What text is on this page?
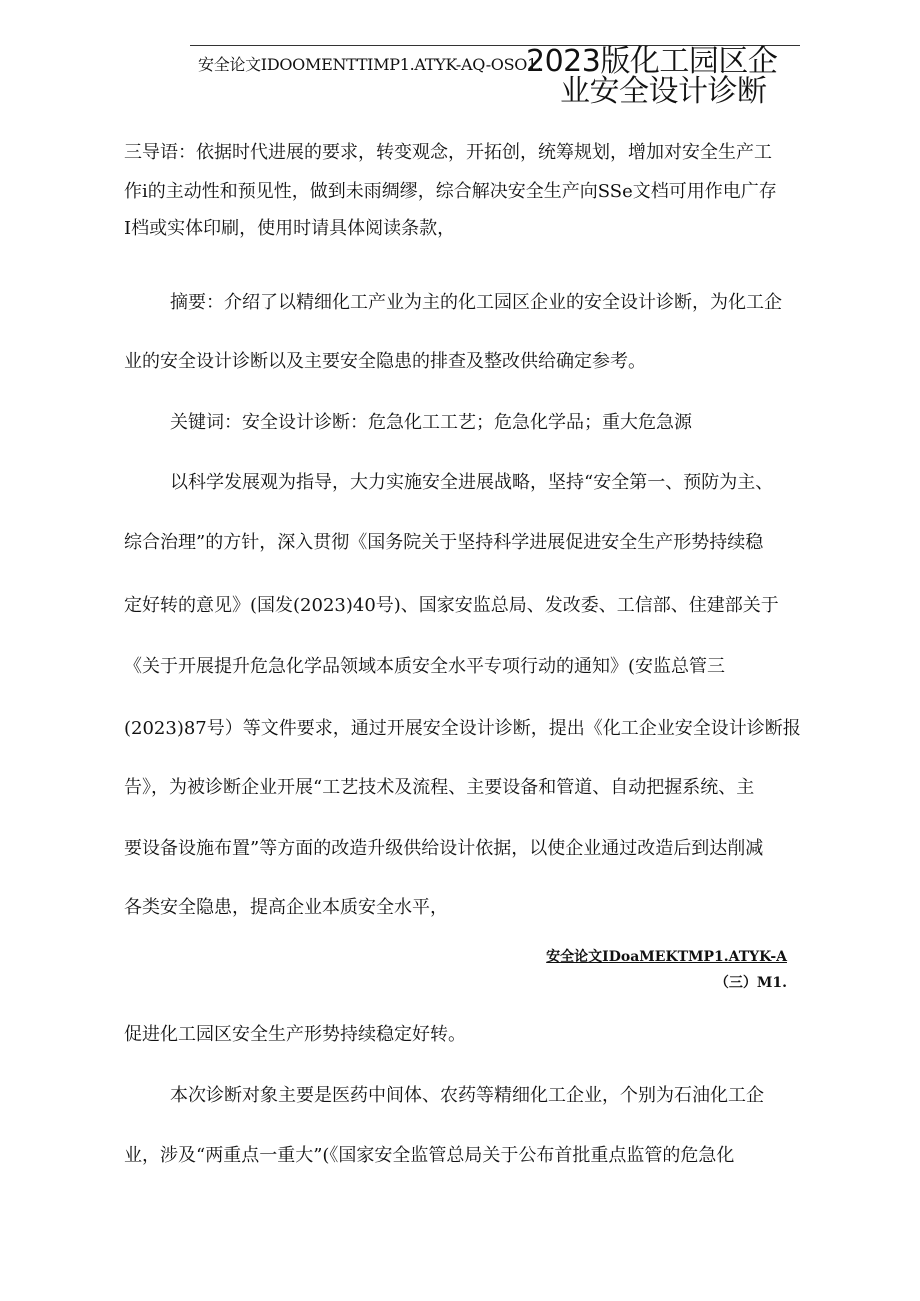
安全论文IDOOMENTTIMP1.ATYK-AQ-OSO1.
2023版化工园区企
业安全设计诊断
三导语：依据时代进展的要求，转变观念，开拓创，统筹规划，增加对安全生产工
作i的主动性和预见性，做到未雨绸缪，综合解决安全生产向SSe文档可用作电广存
I档或实体印刷，使用时请具体阅读条款，
摘要：介绍了以精细化工产业为主的化工园区企业的安全设计诊断，为化工企
业的安全设计诊断以及主要安全隐患的排查及整改供给确定参考。
关键词：安全设计诊断：危急化工工艺；危急化学品；重大危急源
以科学发展观为指导，大力实施安全进展战略，坚持“安全第一、预防为主、
综合治理”的方针，深入贯彻《国务院关于坚持科学进展促进安全生产形势持续稳
定好转的意见》(国发(2023)40号)、国家安监总局、发改委、工信部、住建部关于
《关于开展提升危急化学品领域本质安全水平专项行动的通知》(安监总管三
(2023)87号）等文件要求，通过开展安全设计诊断，提出《化工企业安全设计诊断报
告》，为被诊断企业开展“工艺技术及流程、主要设备和管道、自动把握系统、主
要设备设施布置”等方面的改造升级供给设计依据，以使企业通过改造后到达削减
各类安全隐患，提高企业本质安全水平，
安全论文IDoaMEKTMP1.ATYK-A
（三）M1.
促进化工园区安全生产形势持续稳定好转。
本次诊断对象主要是医药中间体、农药等精细化工企业，个别为石油化工企
业，涉及“两重点一重大”(《国家安全监管总局关于公布首批重点监管的危急化
